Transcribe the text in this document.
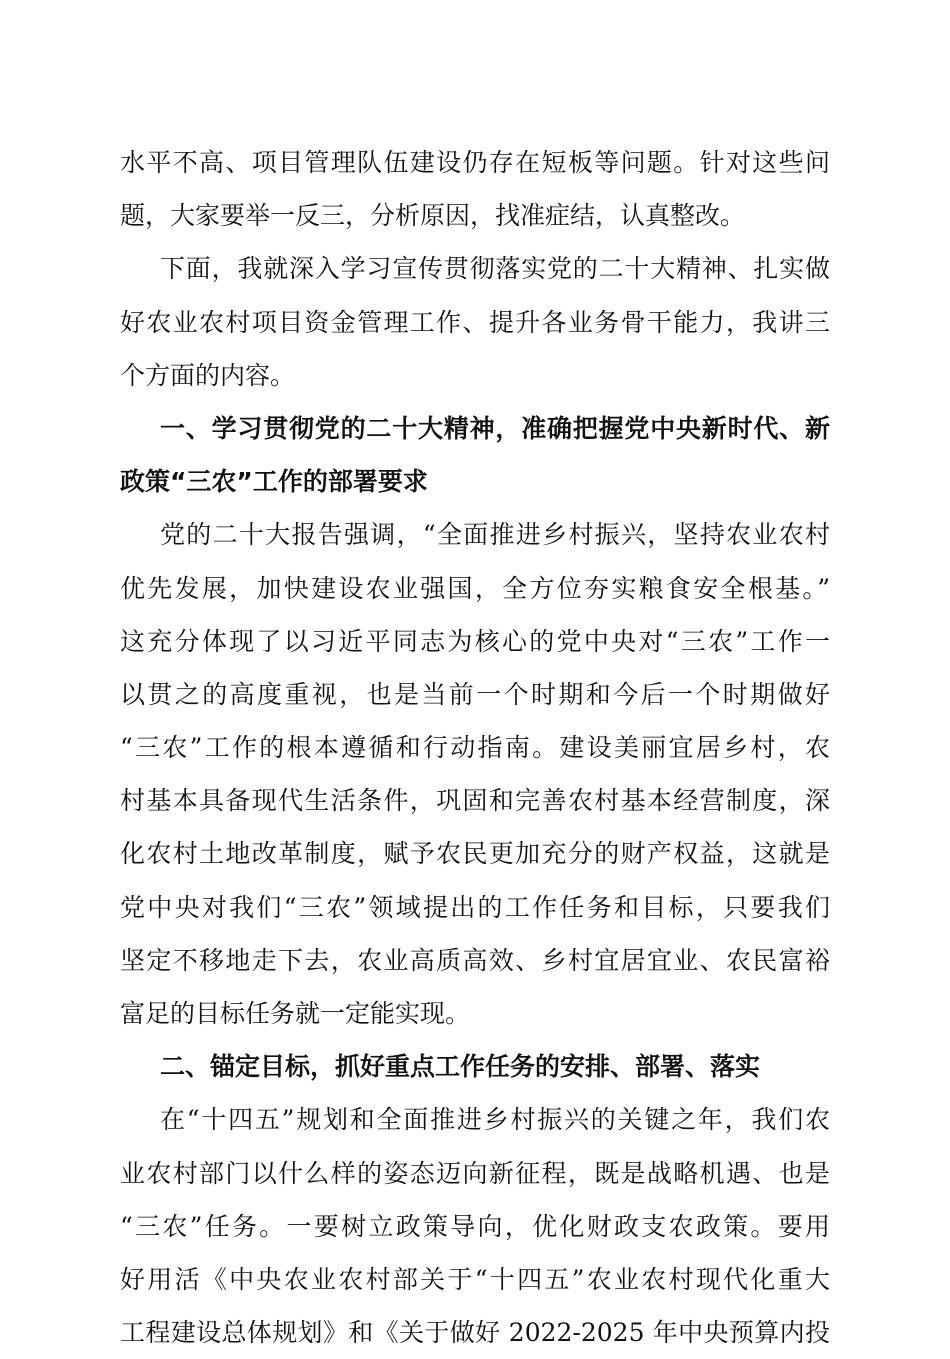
水平不高、项目管理队伍建设仍存在短板等问题。针对这些问
题，大家要举一反三，分析原因，找准症结，认真整改。
下面，我就深入学习宣传贯彻落实党的二十大精神、扎实做
好农业农村项目资金管理工作、提升各业务骨干能力，我讲三
个方面的内容。
一、学习贯彻党的二十大精神，准确把握党中央新时代、新
政策“三农”工作的部署要求
党的二十大报告强调，“全面推进乡村振兴，坚持农业农村
优先发展，加快建设农业强国，全方位夯实粮食安全根基。”
这充分体现了以习近平同志为核心的党中央对“三农”工作一
以贯之的高度重视，也是当前一个时期和今后一个时期做好
“三农”工作的根本遵循和行动指南。建设美丽宜居乡村，农
村基本具备现代生活条件，巩固和完善农村基本经营制度，深
化农村土地改革制度，赋予农民更加充分的财产权益，这就是
党中央对我们“三农”领域提出的工作任务和目标，只要我们
坚定不移地走下去，农业高质高效、乡村宜居宜业、农民富裕
富足的目标任务就一定能实现。
二、锚定目标，抓好重点工作任务的安排、部署、落实
在“十四五”规划和全面推进乡村振兴的关键之年，我们农
业农村部门以什么样的姿态迈向新征程，既是战略机遇、也是
“三农”任务。一要树立政策导向，优化财政支农政策。要用
好用活《中央农业农村部关于“十四五”农业农村现代化重大
工程建设总体规划》和《关于做好 2022-2025 年中央预算内投
